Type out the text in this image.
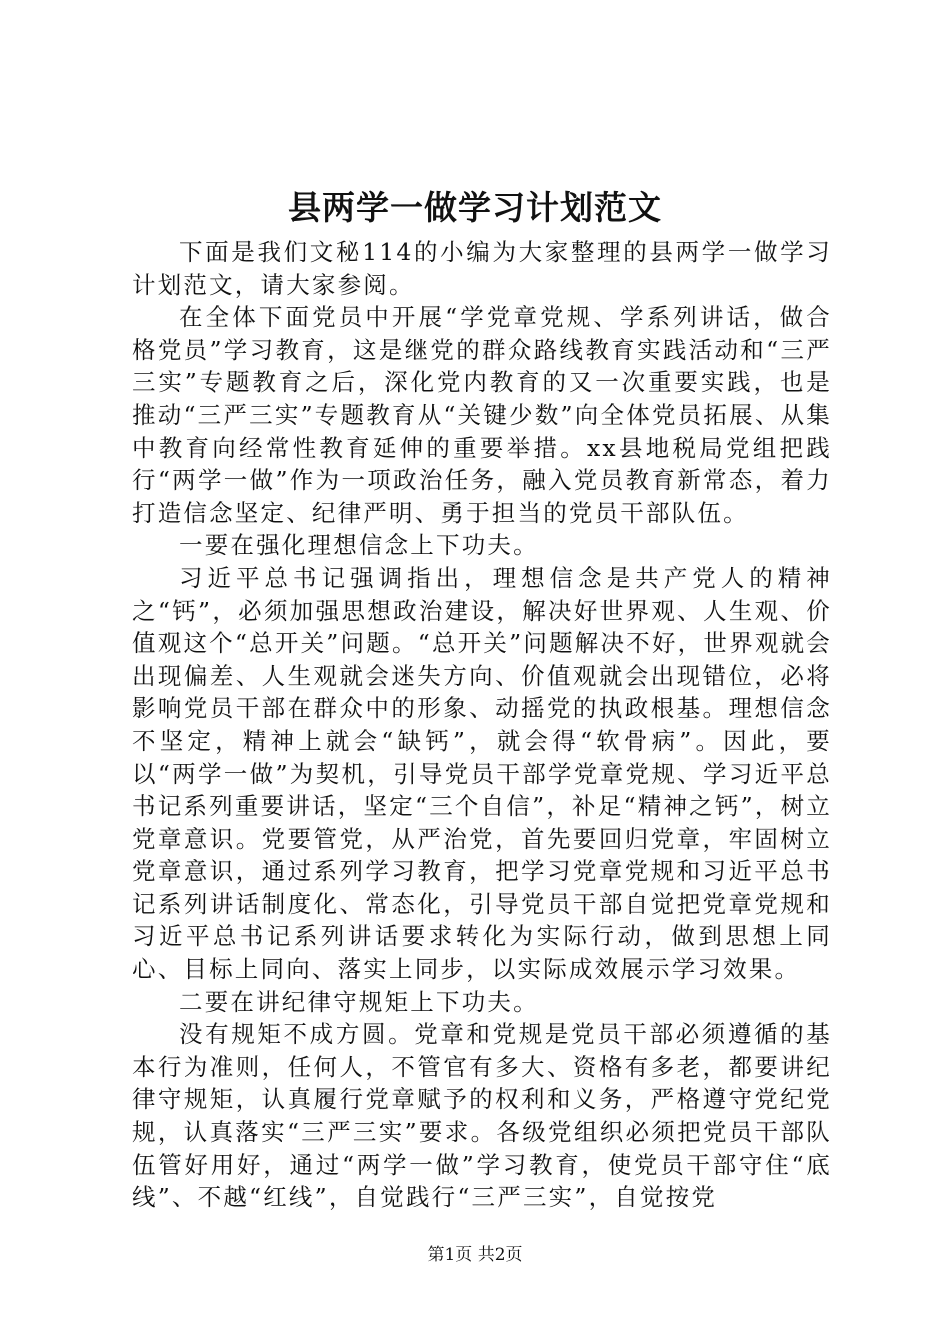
县两学一做学习计划范文

下面是我们文秘114的小编为大家整理的县两学一做学习计划范文，请大家参阅。

在全体下面党员中开展“学党章党规、学系列讲话，做合格党员”学习教育，这是继党的群众路线教育实践活动和“三严三实”专题教育之后，深化党内教育的又一次重要实践，也是推动“三严三实”专题教育从“关键少数”向全体党员拓展、从集中教育向经常性教育延伸的重要举措。xx县地税局党组把践行“两学一做”作为一项政治任务，融入党员教育新常态，着力打造信念坚定、纪律严明、勇于担当的党员干部队伍。

一要在强化理想信念上下功夫。

习近平总书记强调指出，理想信念是共产党人的精神之“钙”，必须加强思想政治建设，解决好世界观、人生观、价值观这个“总开关”问题。“总开关”问题解决不好，世界观就会出现偏差、人生观就会迷失方向、价值观就会出现错位，必将影响党员干部在群众中的形象、动摇党的执政根基。理想信念不坚定，精神上就会“缺钙”，就会得“软骨病”。因此，要以“两学一做”为契机，引导党员干部学党章党规、学习近平总书记系列重要讲话，坚定“三个自信”，补足“精神之钙”，树立党章意识。党要管党，从严治党，首先要回归党章，牢固树立党章意识，通过系列学习教育，把学习党章党规和习近平总书记系列讲话制度化、常态化，引导党员干部自觉把党章党规和习近平总书记系列讲话要求转化为实际行动，做到思想上同心、目标上同向、落实上同步，以实际成效展示学习效果。

二要在讲纪律守规矩上下功夫。

没有规矩不成方圆。党章和党规是党员干部必须遵循的基本行为准则，任何人，不管官有多大、资格有多老，都要讲纪律守规矩，认真履行党章赋予的权利和义务，严格遵守党纪党规，认真落实“三严三实”要求。各级党组织必须把党员干部队伍管好用好，通过“两学一做”学习教育，使党员干部守住“底线”、不越“红线”，自觉践行“三严三实”，自觉按党

第1页 共2页
